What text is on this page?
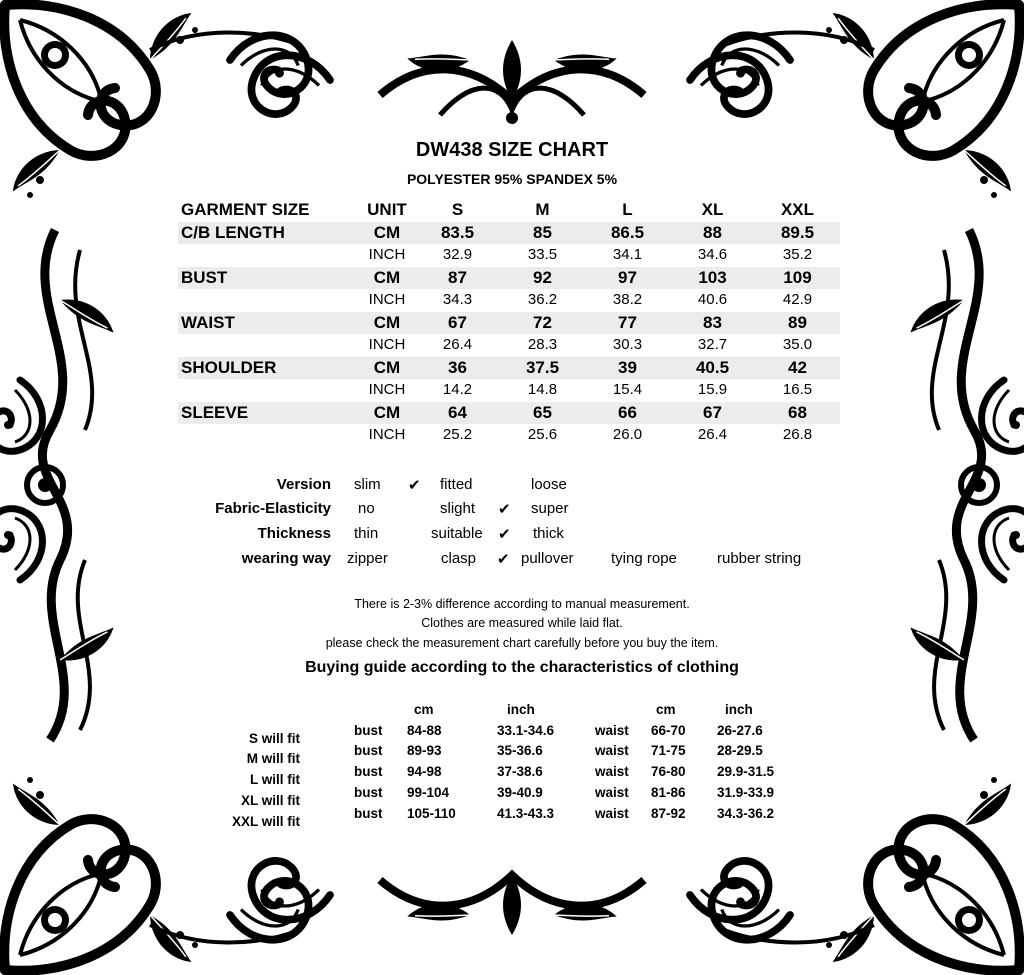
DW438 SIZE CHART
POLYESTER 95% SPANDEX 5%
GARMENT SIZE	UNIT	S	M	L	XL	XXL
C/B LENGTH	CM	83.5	85	86.5	88	89.5
	INCH	32.9	33.5	34.1	34.6	35.2
BUST	CM	87	92	97	103	109
	INCH	34.3	36.2	38.2	40.6	42.9
WAIST	CM	67	72	77	83	89
	INCH	26.4	28.3	30.3	32.7	35.0
SHOULDER	CM	36	37.5	39	40.5	42
	INCH	14.2	14.8	15.4	15.9	16.5
SLEEVE	CM	64	65	66	67	68
	INCH	25.2	25.6	26.0	26.4	26.8
Version slim ✔ fitted	loose
Fabric-Elasticity no	slight ✔ super
Thickness thin	suitable ✔ thick
wearing way zipper	clasp ✔ pullover tying rope	rubber string
There is 2-3% difference according to manual measurement.
Clothes are measured while laid flat.
please check the measurement chart carefully before you buy the item.
Buying guide according to the characteristics of clothing
cm	inch	cm	inch
S will fit
bust 84-88	33.1-34.6	waist 66-70 26-27.6
M will fit
bust 89-93	35-36.6	waist 71-75 28-29.5
L will fit
bust 94-98	37-38.6	waist 76-80 29.9-31.5
XL will fit
bust 99-104	39-40.9	waist 81-86 31.9-33.9
XXL will fit
bust 105-110	41.3-43.3	waist 87-92 34.3-36.2
